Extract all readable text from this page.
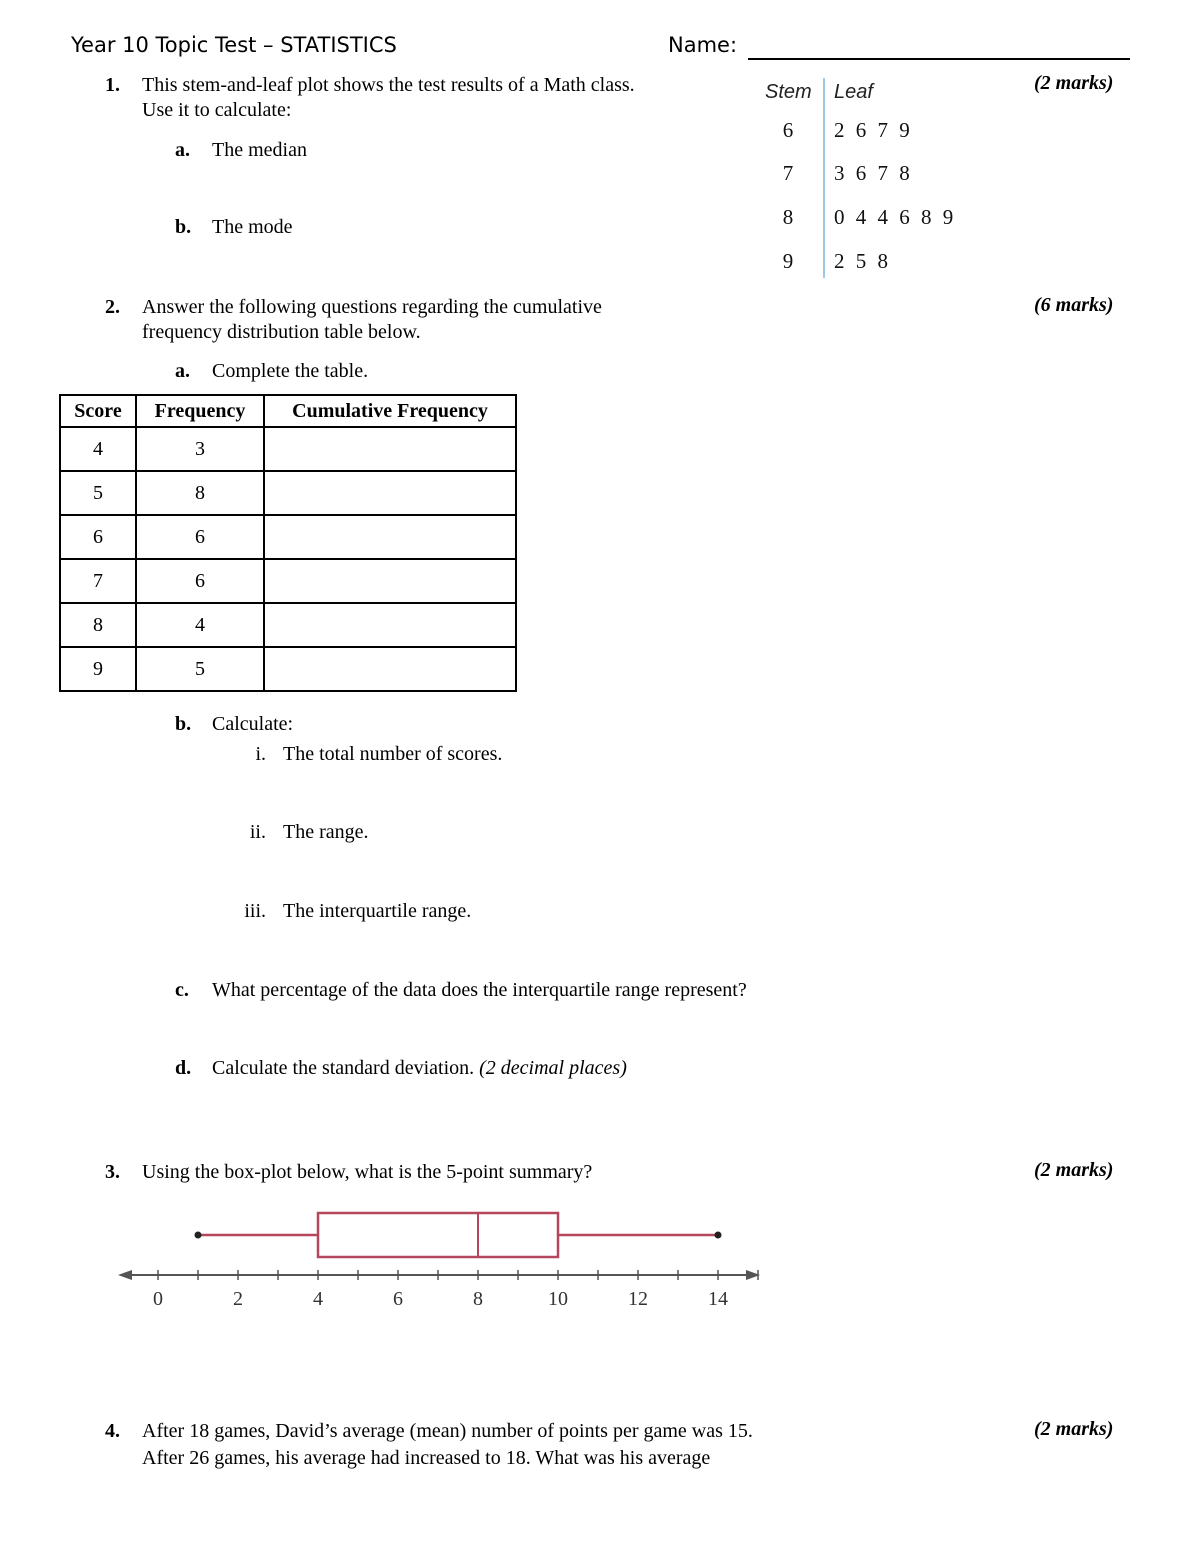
Year 10 Topic Test – STATISTICS	Name:
1. This stem-and-leaf plot shows the test results of a Math class.
Use it to calculate:
(2 marks)
a. The median
b. The mode
Stem Leaf
6	2 6 7 9
7	3 6 7 8
8	0 4 4 6 8 9
9	2 5 8
2. Answer the following questions regarding the cumulative
frequency distribution table below.
(6 marks)
a. Complete the table.
Score	Frequency	Cumulative Frequency
4	3	
5	8	
6	6	
7	6	
8	4	
9	5	
b. Calculate:
i. The total number of scores.
ii. The range.
iii. The interquartile range.
c. What percentage of the data does the interquartile range represent?
d. Calculate the standard deviation. (2 decimal places)
3. Using the box-plot below, what is the 5-point summary?	(2 marks)
0	2	4	6	8	10	12	14
4. After 18 games, David’s average (mean) number of points per game was 15.
After 26 games, his average had increased to 18. What was his average
(2 marks)
